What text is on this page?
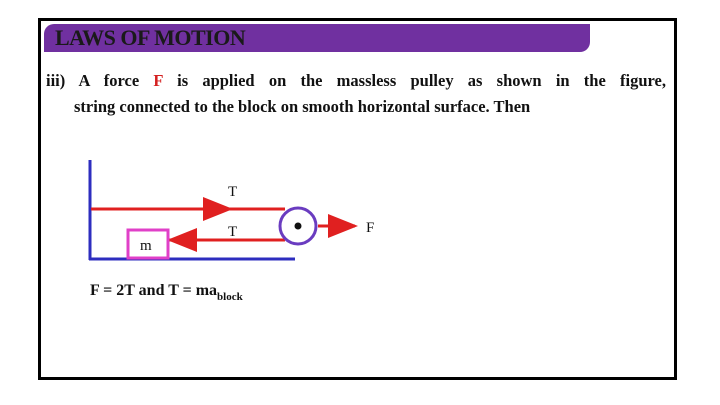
LAWS OF MOTION
iii) A force F is applied on the massless pulley as shown in the figure,
string connected to the block on smooth horizontal surface. Then
m
T
T	F
F = 2T and $T = ma_{block}$
